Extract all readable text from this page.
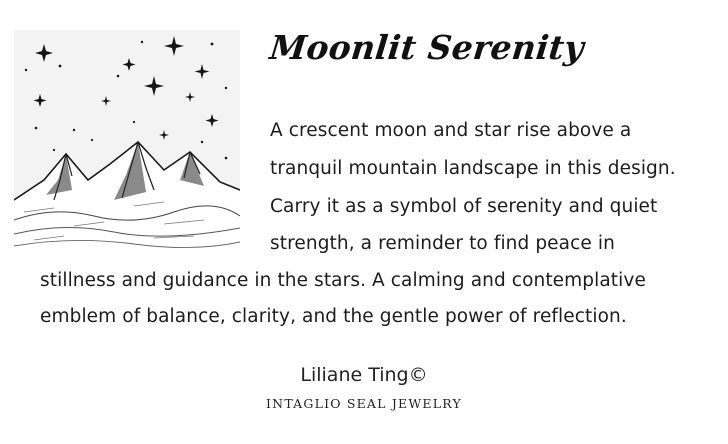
Moonlit Serenity
A crescent moon and star rise above a
tranquil mountain landscape in this design.
Carry it as a symbol of serenity and quiet
strength, a reminder to find peace in
stillness and guidance in the stars. A calming and contemplative
emblem of balance, clarity, and the gentle power of reflection.
Liliane Ting©
INTAGLIO SEAL JEWELRY
